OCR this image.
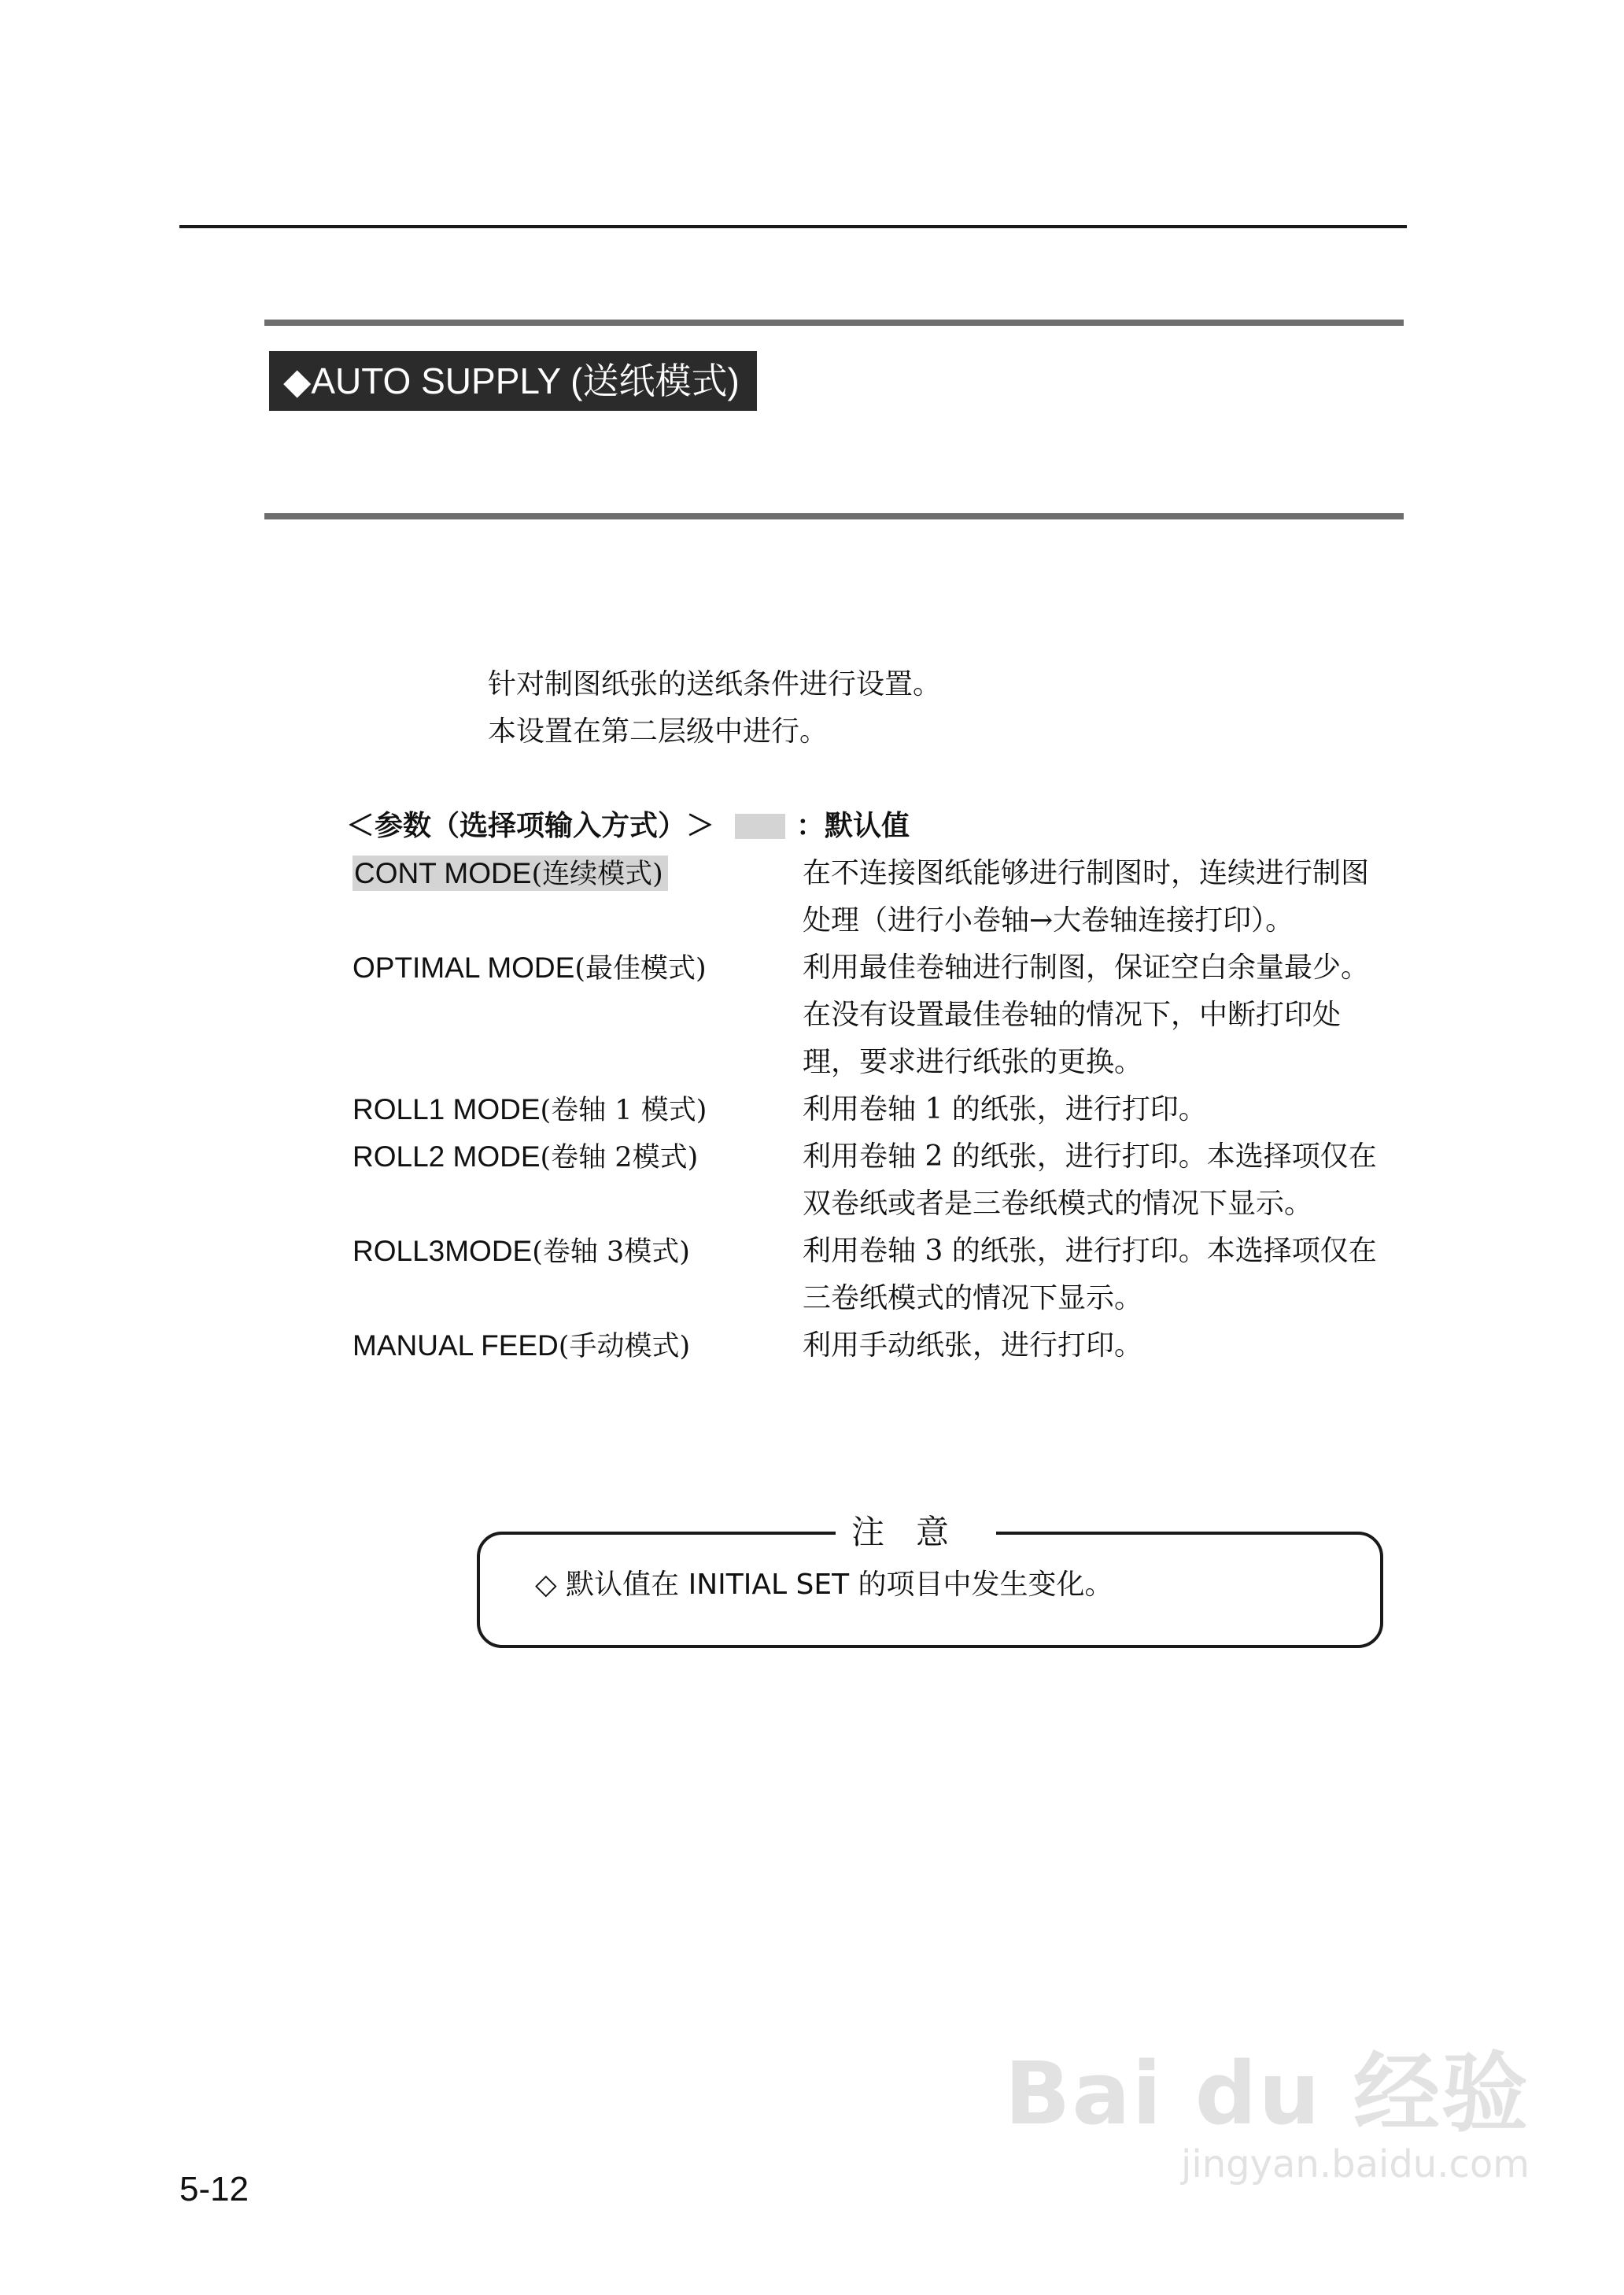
◆AUTO SUPPLY (送纸模式)
针对制图纸张的送纸条件进行设置。
本设置在第二层级中进行。
＜参数（选择项输入方式）＞	：默认值
CONT MODE(连续模式)	在不连接图纸能够进行制图时，连续进行制图
处理（进行小卷轴→大卷轴连接打印）。
OPTIMAL MODE(最佳模式)	利用最佳卷轴进行制图，保证空白余量最少。
在没有设置最佳卷轴的情况下，中断打印处
理，要求进行纸张的更换。
ROLL1 MODE(卷轴 1 模式)	利用卷轴 1 的纸张，进行打印。
ROLL2 MODE(卷轴 2模式)	利用卷轴 2 的纸张，进行打印。本选择项仅在
双卷纸或者是三卷纸模式的情况下显示。
ROLL3MODE(卷轴 3模式)	利用卷轴 3 的纸张，进行打印。本选择项仅在
三卷纸模式的情况下显示。
MANUAL FEED(手动模式)	利用手动纸张，进行打印。
注意
◇ 默认值在 INITIAL SET 的项目中发生变化。
5-12
Bai du 经验
jingyan.baidu.com
